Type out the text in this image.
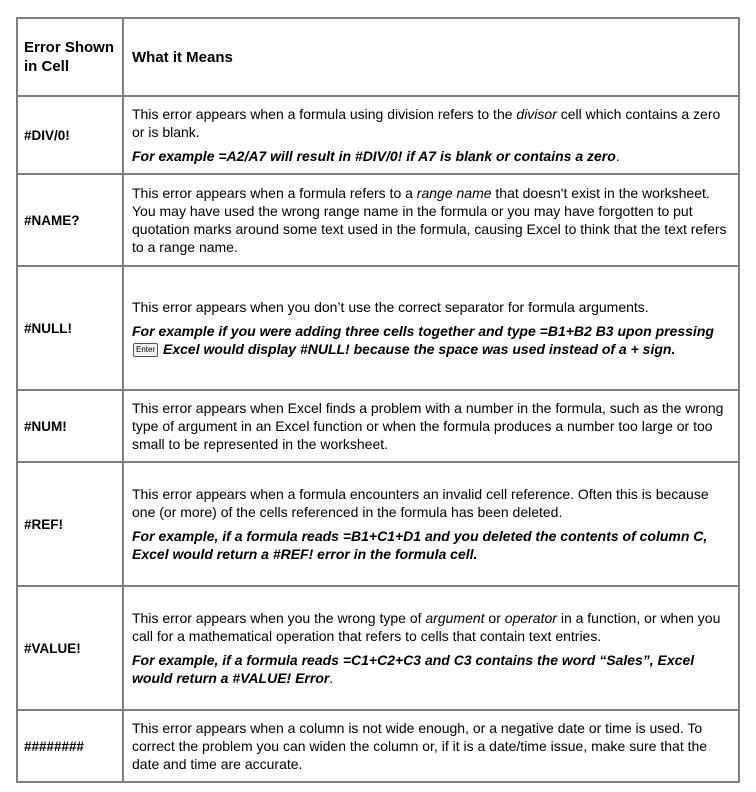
Error Shown in Cell	What it Means
#DIV/0!	This error appears when a formula using division refers to the divisor cell which contains a zero or is blank.

For example =A2/A7 will result in #DIV/0! if A7 is blank or contains a zero.

#NAME?	This error appears when a formula refers to a range name that doesn't exist in the worksheet. You may have used the wrong range name in the formula or you may have forgotten to put quotation marks around some text used in the formula, causing Excel to think that the text refers to a range name.

#NULL!	This error appears when you don’t use the correct separator for formula arguments.

For example if you were adding three cells together and type =B1+B2 B3 upon pressing Enter Excel would display #NULL! because the space was used instead of a + sign.

#NUM!	This error appears when Excel finds a problem with a number in the formula, such as the wrong type of argument in an Excel function or when the formula produces a number too large or too small to be represented in the worksheet.

#REF!	This error appears when a formula encounters an invalid cell reference. Often this is because one (or more) of the cells referenced in the formula has been deleted.

For example, if a formula reads =B1+C1+D1 and you deleted the contents of column C, Excel would return a #REF! error in the formula cell.

#VALUE!	This error appears when you the wrong type of argument or operator in a function, or when you call for a mathematical operation that refers to cells that contain text entries.

For example, if a formula reads =C1+C2+C3 and C3 contains the word “Sales”, Excel would return a #VALUE! Error.

########	This error appears when a column is not wide enough, or a negative date or time is used. To correct the problem you can widen the column or, if it is a date/time issue, make sure that the date and time are accurate.
